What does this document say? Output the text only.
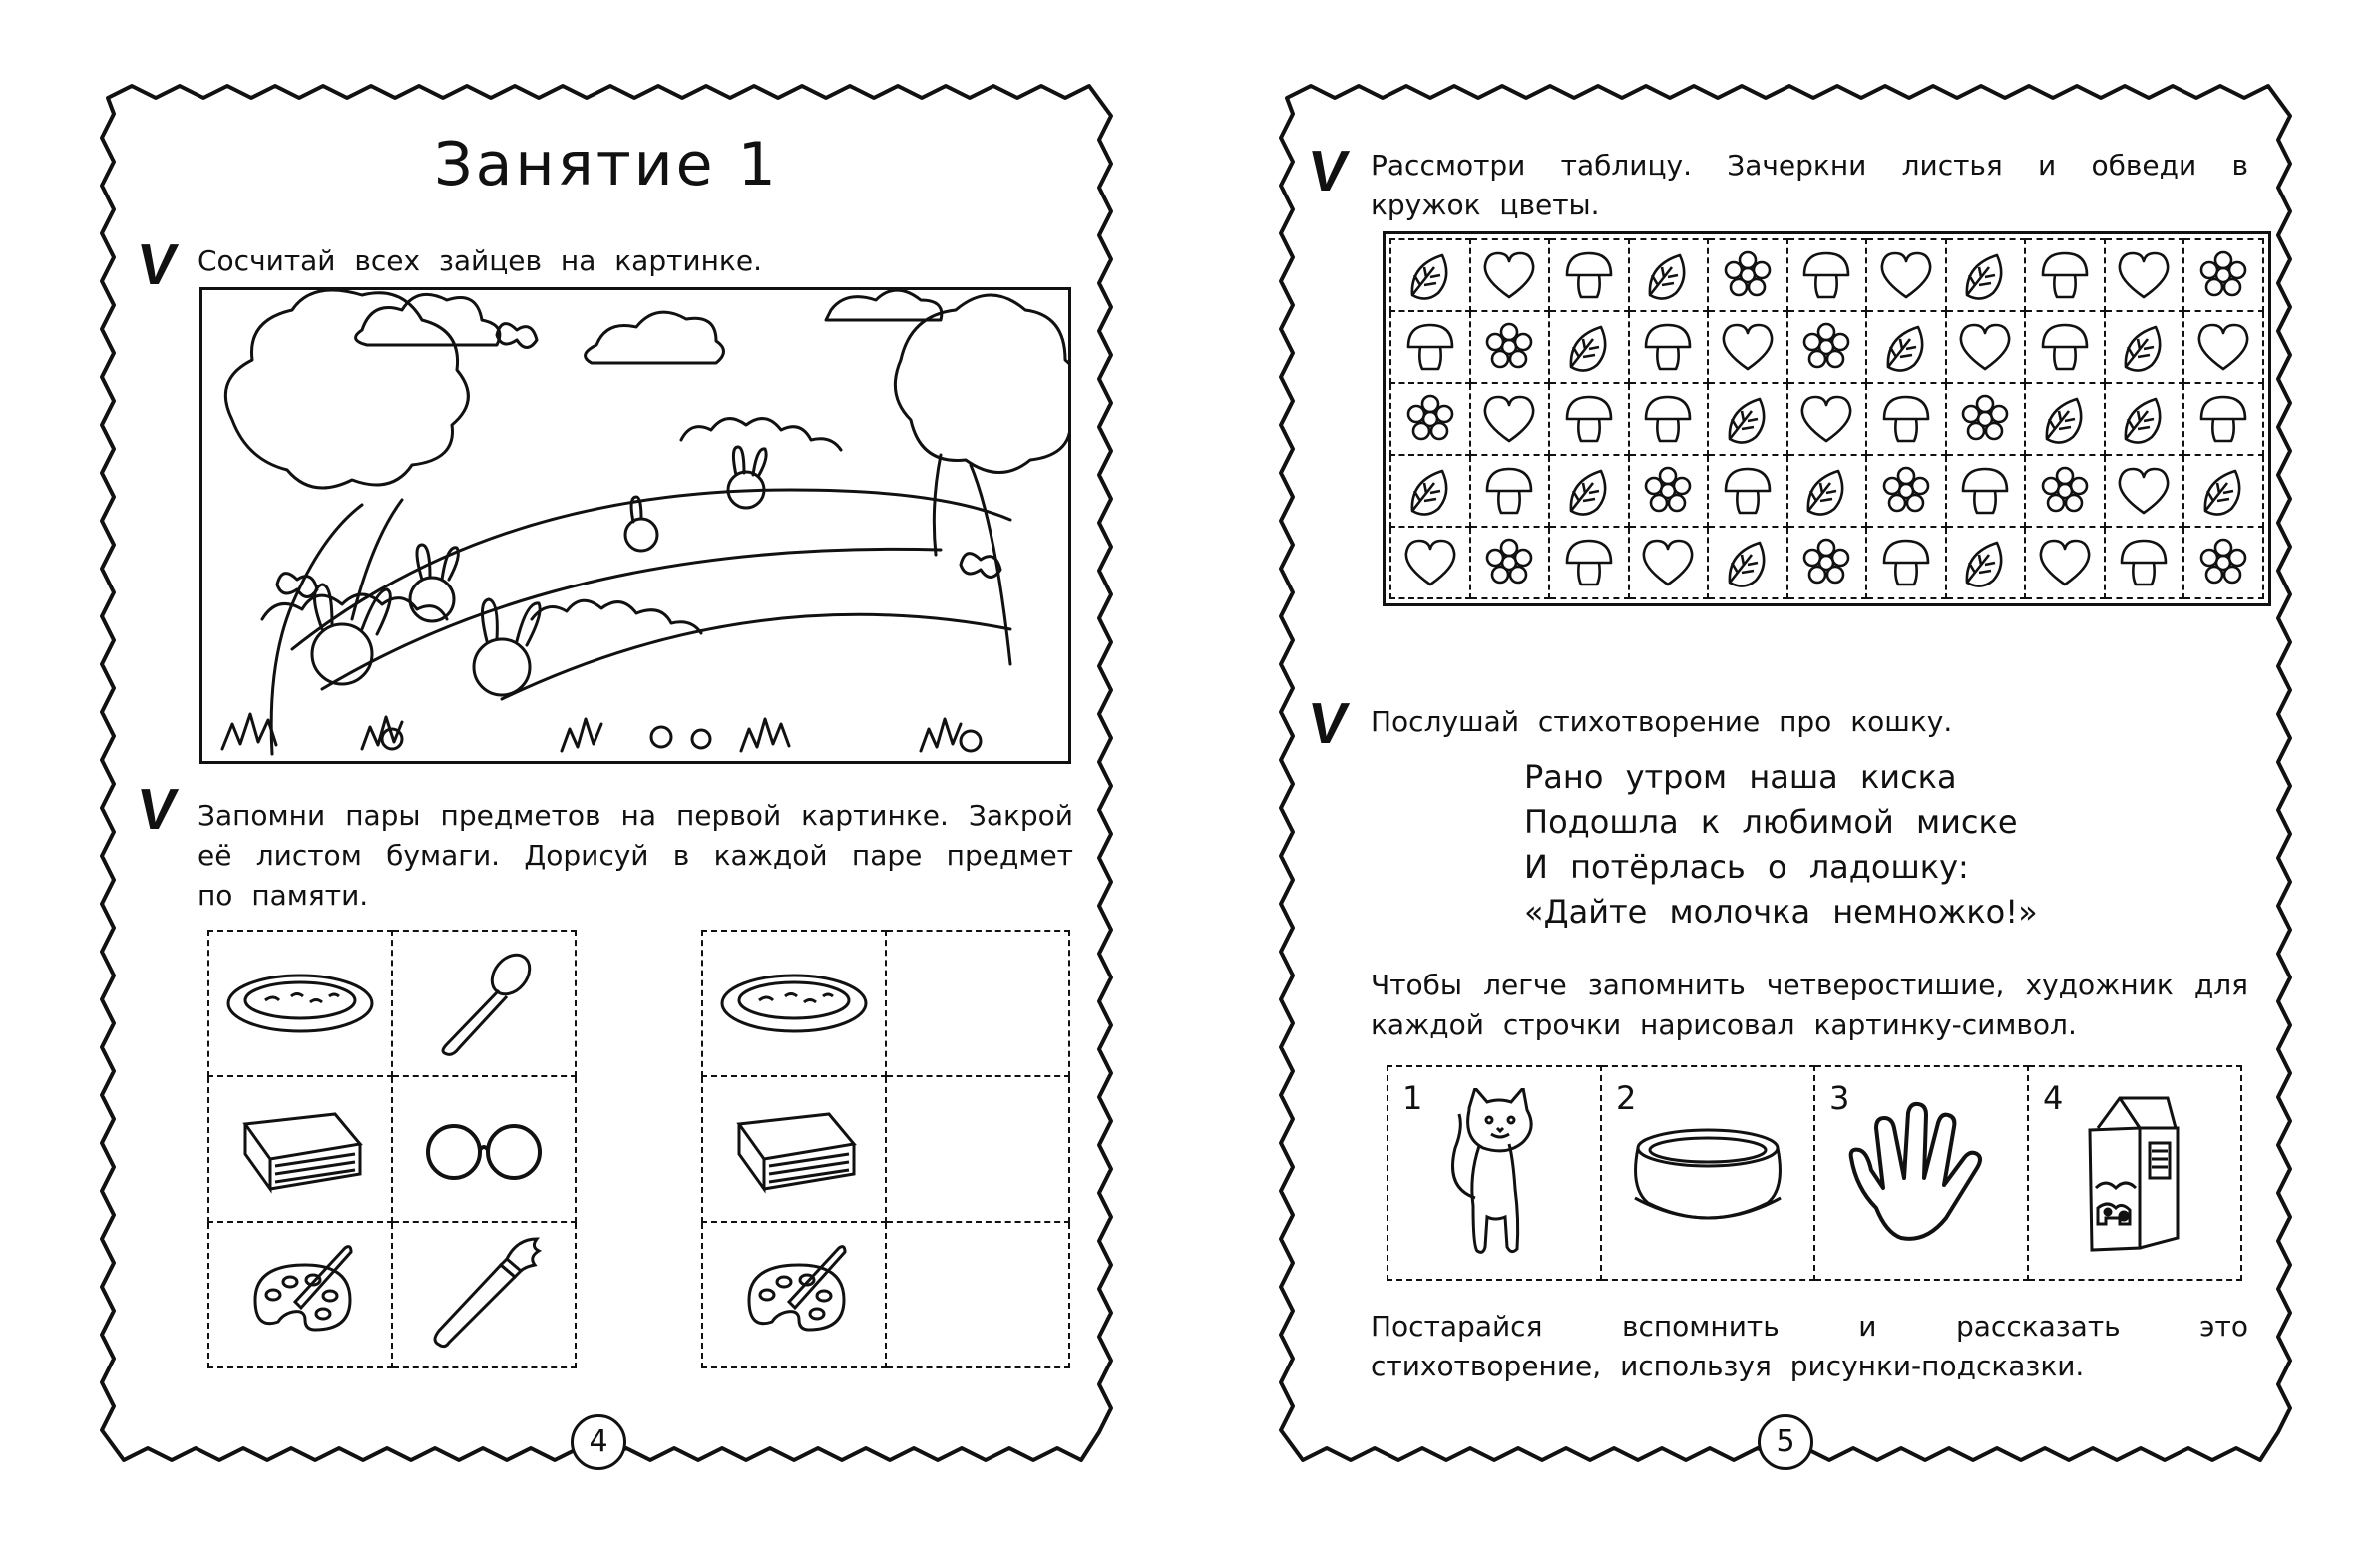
Занятие 1
V Сосчитай всех зайцев на картинке.
V Запомни пары предметов на первой картинке. Закрой её листом бумаги. Дорисуй в каждой паре предмет по памяти.

4
V Рассмотри таблицу. Зачеркни листья и обведи в кружок цветы.

V Послушай стихотворение про кошку.
Рано утром наша киска
Подошла к любимой миске
И потёрлась о ладошку:
«Дайте молочка немножко!»
Чтобы легче запомнить четверостишие, художник для каждой строчки нарисовал картинку-символ.
1	2	3	4
Постарайся вспомнить и рассказать это стихотворение, используя рисунки-подсказки.
5
